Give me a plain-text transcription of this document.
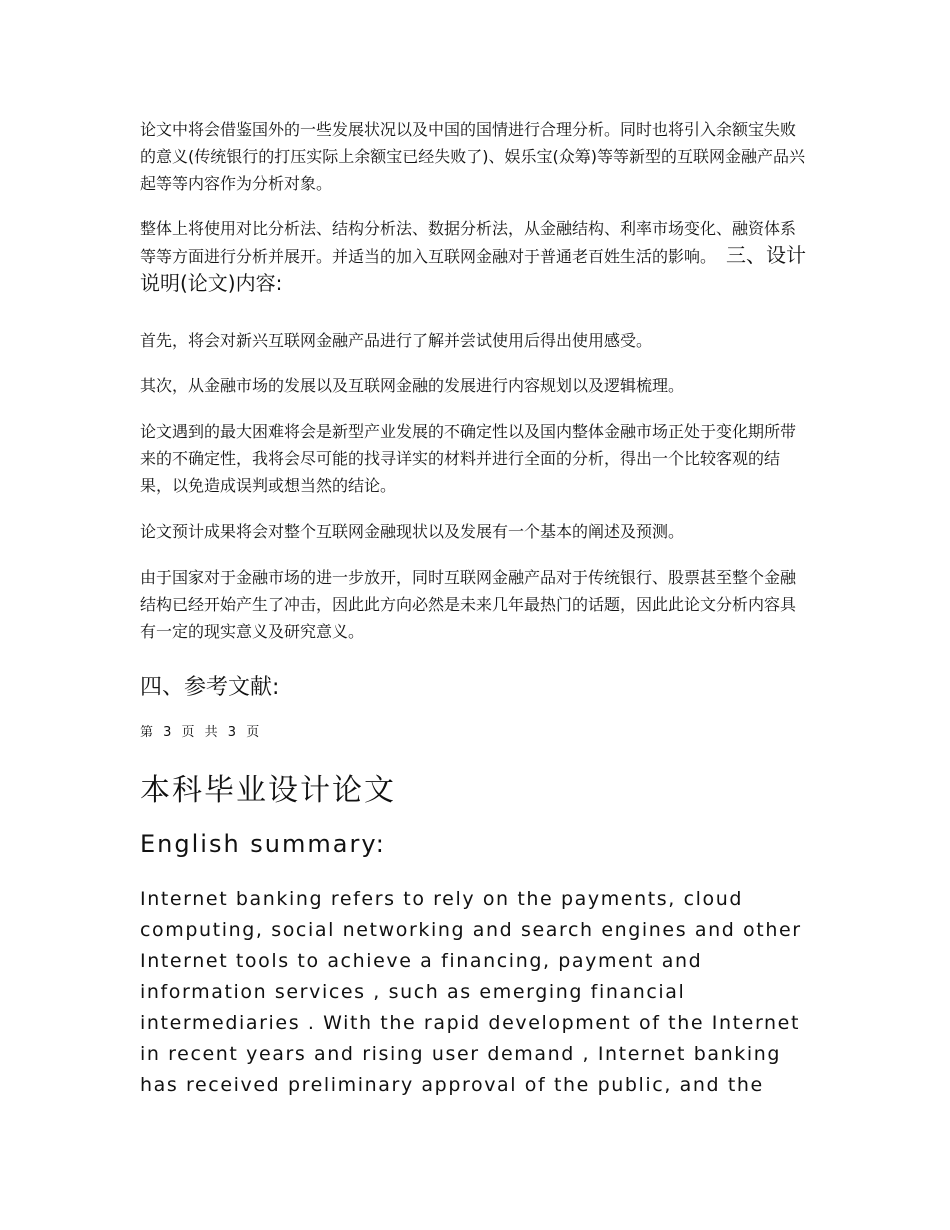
论文中将会借鉴国外的一些发展状况以及中国的国情进行合理分析。同时也将引入余额宝失败的意义(传统银行的打压实际上余额宝已经失败了)、娱乐宝(众筹)等等新型的互联网金融产品兴起等等内容作为分析对象。

整体上将使用对比分析法、结构分析法、数据分析法，从金融结构、利率市场变化、融资体系等等方面进行分析并展开。并适当的加入互联网金融对于普通老百姓生活的影响。 三、设计说明(论文)内容:

首先，将会对新兴互联网金融产品进行了解并尝试使用后得出使用感受。

其次，从金融市场的发展以及互联网金融的发展进行内容规划以及逻辑梳理。

论文遇到的最大困难将会是新型产业发展的不确定性以及国内整体金融市场正处于变化期所带来的不确定性，我将会尽可能的找寻详实的材料并进行全面的分析，得出一个比较客观的结果，以免造成误判或想当然的结论。

论文预计成果将会对整个互联网金融现状以及发展有一个基本的阐述及预测。

由于国家对于金融市场的进一步放开，同时互联网金融产品对于传统银行、股票甚至整个金融结构已经开始产生了冲击，因此此方向必然是未来几年最热门的话题，因此此论文分析内容具有一定的现实意义及研究意义。

四、参考文献:
第 3 页 共 3 页
本科毕业设计论文
English summary:
Internet banking refers to rely on the payments, cloud
computing, social networking and search engines and other
Internet tools to achieve a financing, payment and
information services , such as emerging financial
intermediaries . With the rapid development of the Internet
in recent years and rising user demand , Internet banking
has received preliminary approval of the public, and the
